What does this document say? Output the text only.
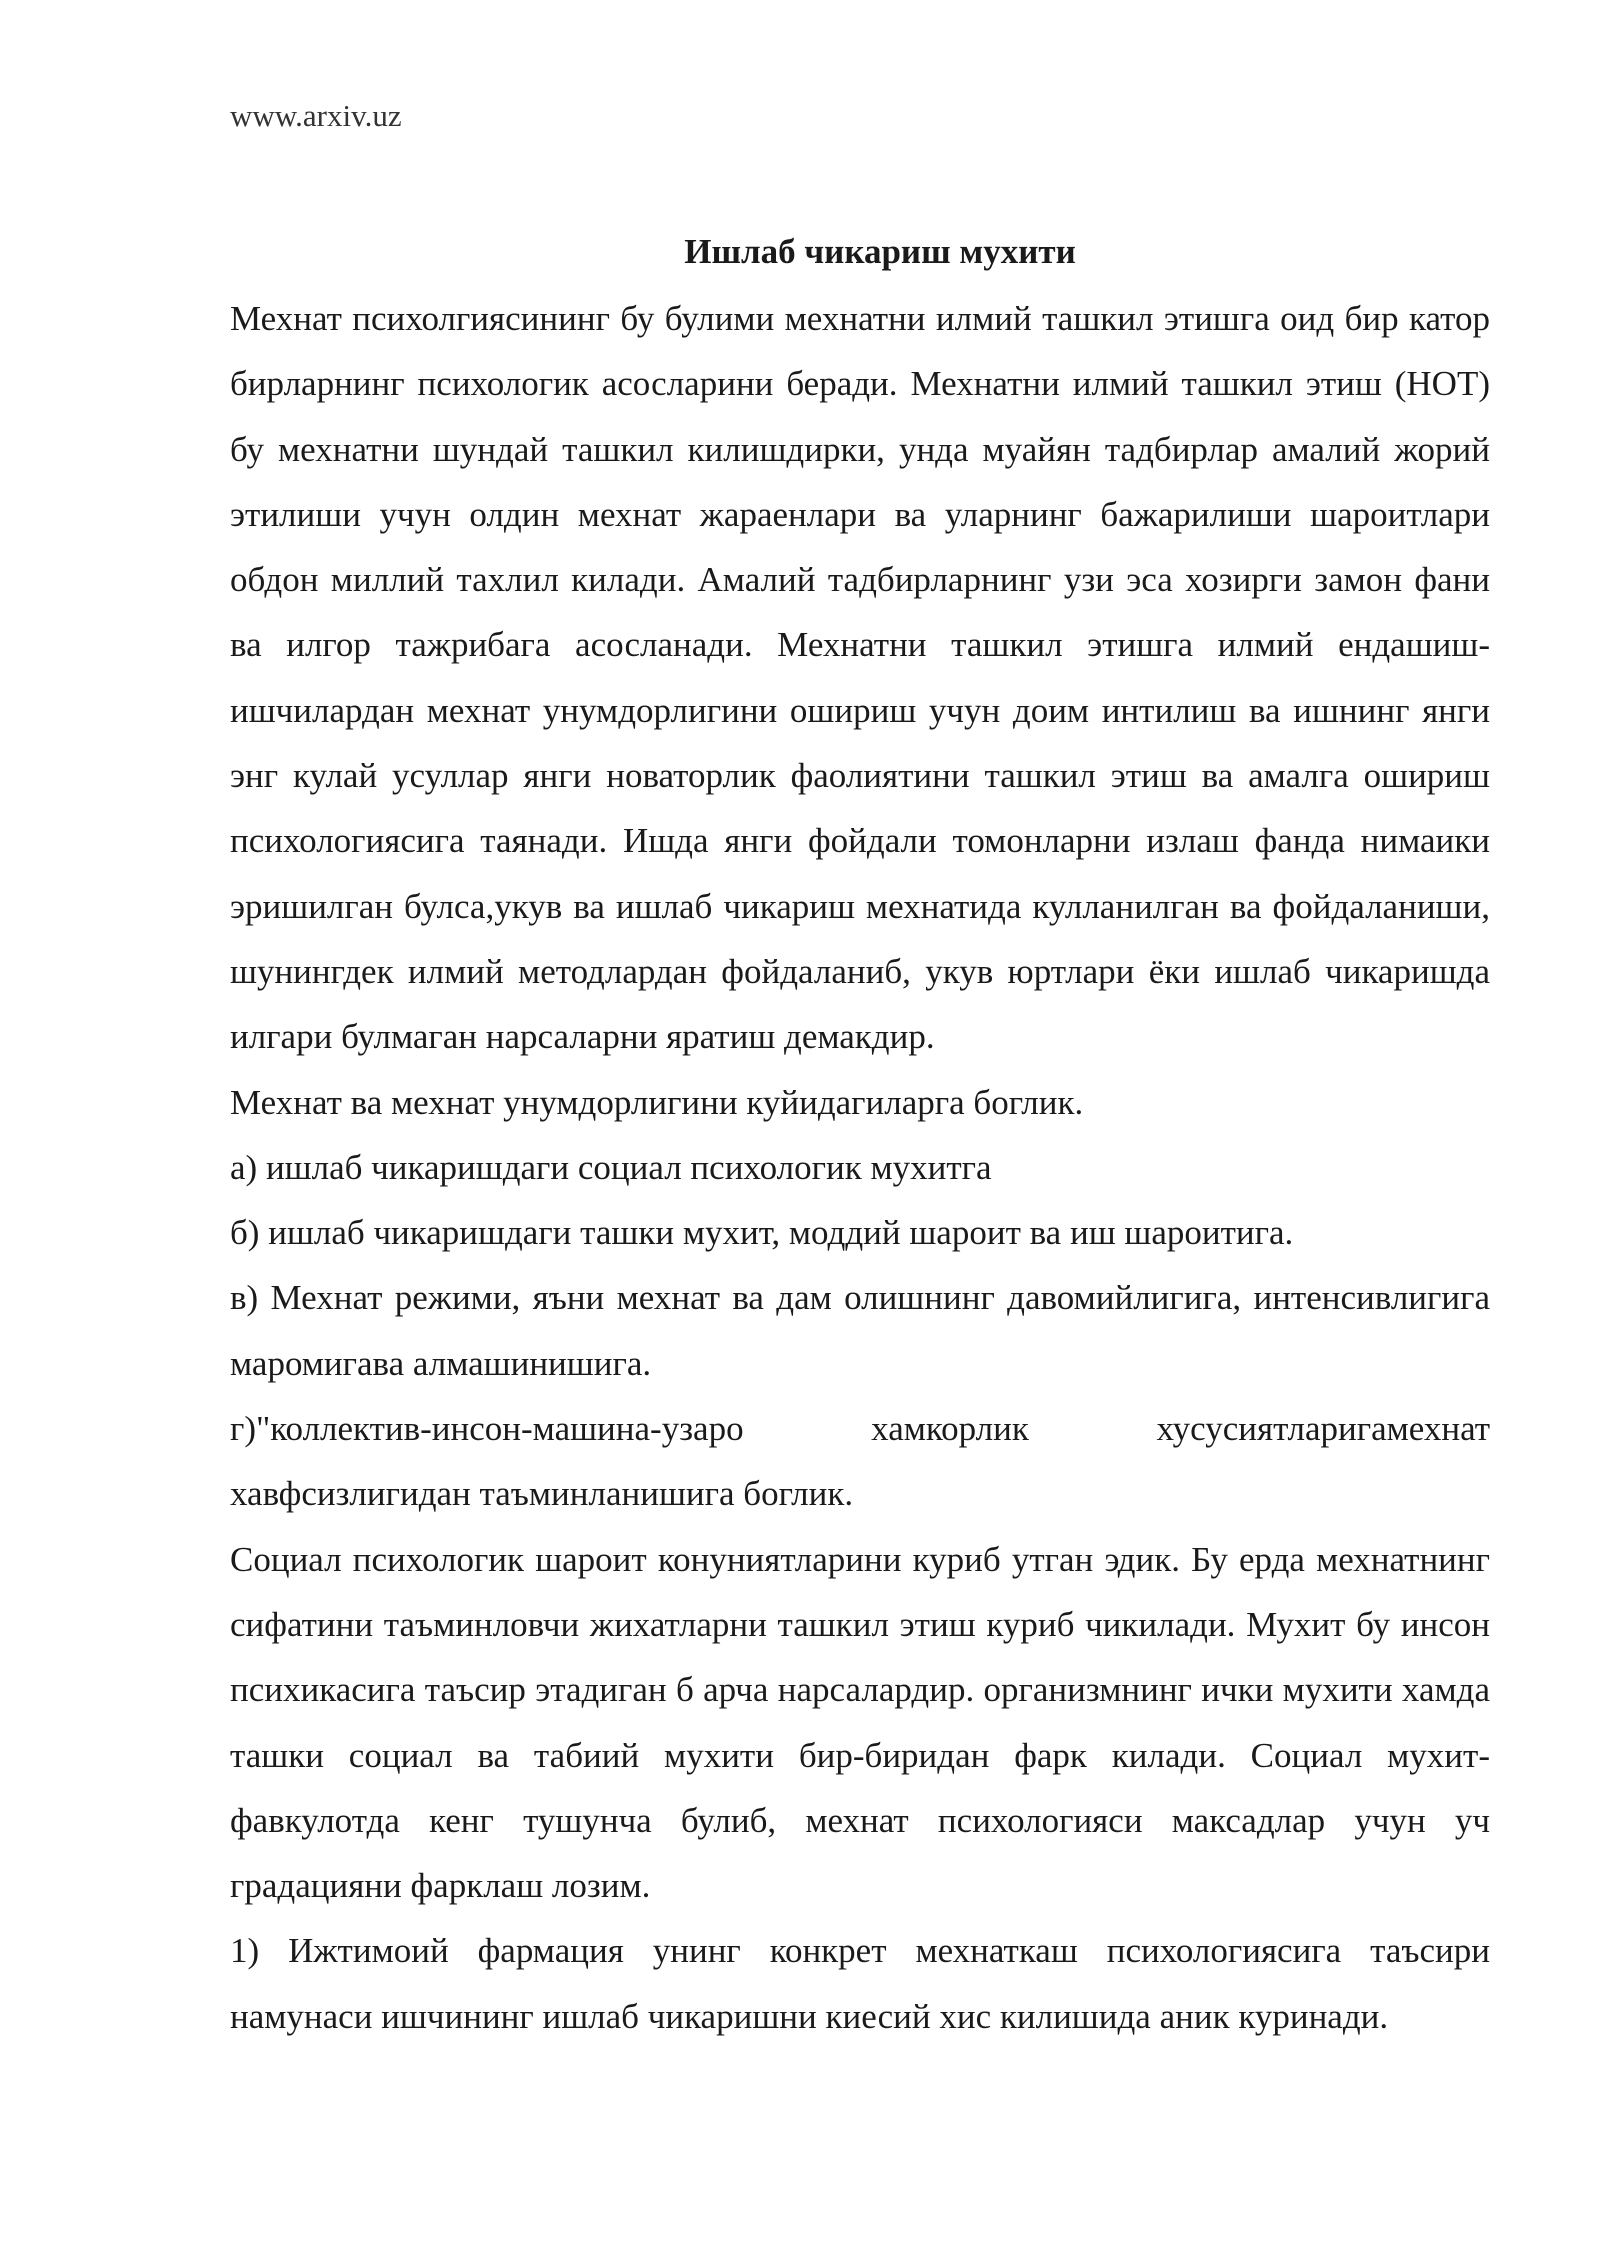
www.arxiv.uz
Ишлаб чикариш мухити

Мехнат психолгиясининг бу булими мехнатни илмий ташкил этишга оид бир катор бирларнинг психологик асосларини беради. Мехнатни илмий ташкил этиш (НОТ) бу мехнатни шундай ташкил килишдирки, унда муайян тадбирлар амалий жорий этилиши учун олдин мехнат жараенлари ва уларнинг бажарилиши шароитлари обдон миллий тахлил килади. Амалий тадбирларнинг узи эса хозирги замон фани ва илгор тажрибага асосланади. Мехнатни ташкил этишга илмий ендашиш-ишчилардан мехнат унумдорлигини ошириш учун доим интилиш ва ишнинг янги энг кулай усуллар янги новаторлик фаолиятини ташкил этиш ва амалга ошириш психологиясига таянади. Ишда янги фойдали томонларни излаш фанда нимаики эришилган булса,укув ва ишлаб чикариш мехнатида кулланилган ва фойдаланиши, шунингдек илмий методлардан фойдаланиб, укув юртлари ёки ишлаб чикаришда илгари булмаган нарсаларни яратиш демакдир.

Мехнат ва мехнат унумдорлигини куйидагиларга боглик.

а) ишлаб чикаришдаги социал психологик мухитга

б) ишлаб чикаришдаги ташки мухит, моддий шароит ва иш шароитига.

в) Мехнат режими, яъни мехнат ва дам олишнинг давомийлигига, интенсивлигига маромигава алмашинишига.

г)"коллектив-инсон-машина-узаро хамкорлик хусусиятларигамехнат хавфсизлигидан таъминланишига боглик.

Социал психологик шароит конуниятларини куриб утган эдик. Бу ерда мехнатнинг сифатини таъминловчи жихатларни ташкил этиш куриб чикилади. Мухит бу инсон психикасига таъсир этадиган б арча нарсалардир. организмнинг ички мухити хамда ташки социал ва табиий мухити бир-биридан фарк килади. Социал мухит- фавкулотда кенг тушунча булиб, мехнат психологияси максадлар учун уч градацияни фарклаш лозим.

1) Ижтимоий фармация унинг конкрет мехнаткаш психологиясига таъсири намунаси ишчининг ишлаб чикаришни киесий хис килишида аник куринади.
